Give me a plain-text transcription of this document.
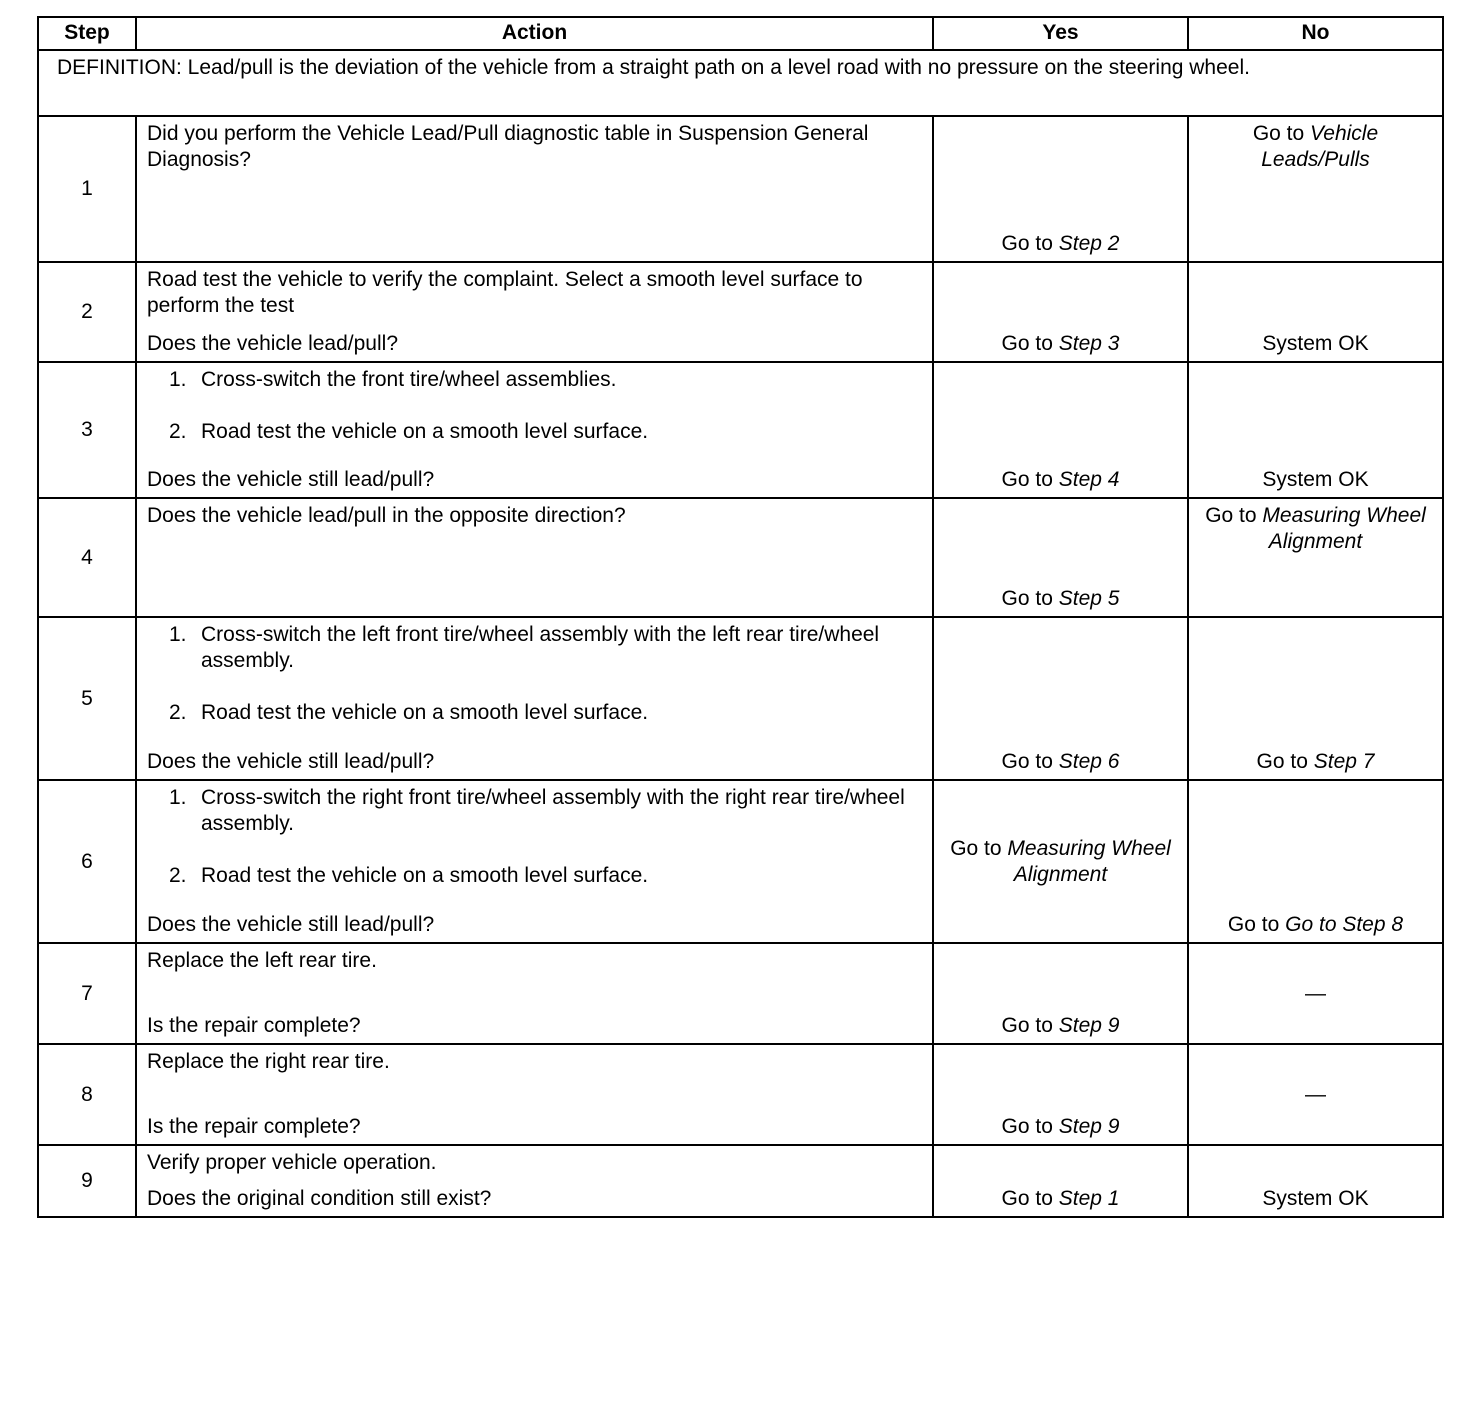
Step	Action	Yes	No
DEFINITION: Lead/pull is the deviation of the vehicle from a straight path on a level road with no pressure on the steering wheel.			
1	Did you perform the Vehicle Lead/Pull diagnostic table in Suspension General Diagnosis?	Go to Step 2	Go to Vehicle Leads/Pulls
2	Road test the vehicle to verify the complaint. Select a smooth level surface to perform the test
Does the vehicle lead/pull?	Go to Step 3	System OK
3	1. Cross-switch the front tire/wheel assemblies.
2. Road test the vehicle on a smooth level surface.
Does the vehicle still lead/pull?	Go to Step 4	System OK
4	Does the vehicle lead/pull in the opposite direction?	Go to Step 5	Go to Measuring Wheel Alignment
5	1. Cross-switch the left front tire/wheel assembly with the left rear tire/wheel assembly.
2. Road test the vehicle on a smooth level surface.
Does the vehicle still lead/pull?	Go to Step 6	Go to Step 7
6	1. Cross-switch the right front tire/wheel assembly with the right rear tire/wheel assembly.
2. Road test the vehicle on a smooth level surface.
Does the vehicle still lead/pull?	Go to Measuring Wheel Alignment	Go to Go to Step 8
7	Replace the left rear tire.
Is the repair complete?	Go to Step 9	—
8	Replace the right rear tire.
Is the repair complete?	Go to Step 9	—
9	Verify proper vehicle operation.
Does the original condition still exist?	Go to Step 1	System OK
